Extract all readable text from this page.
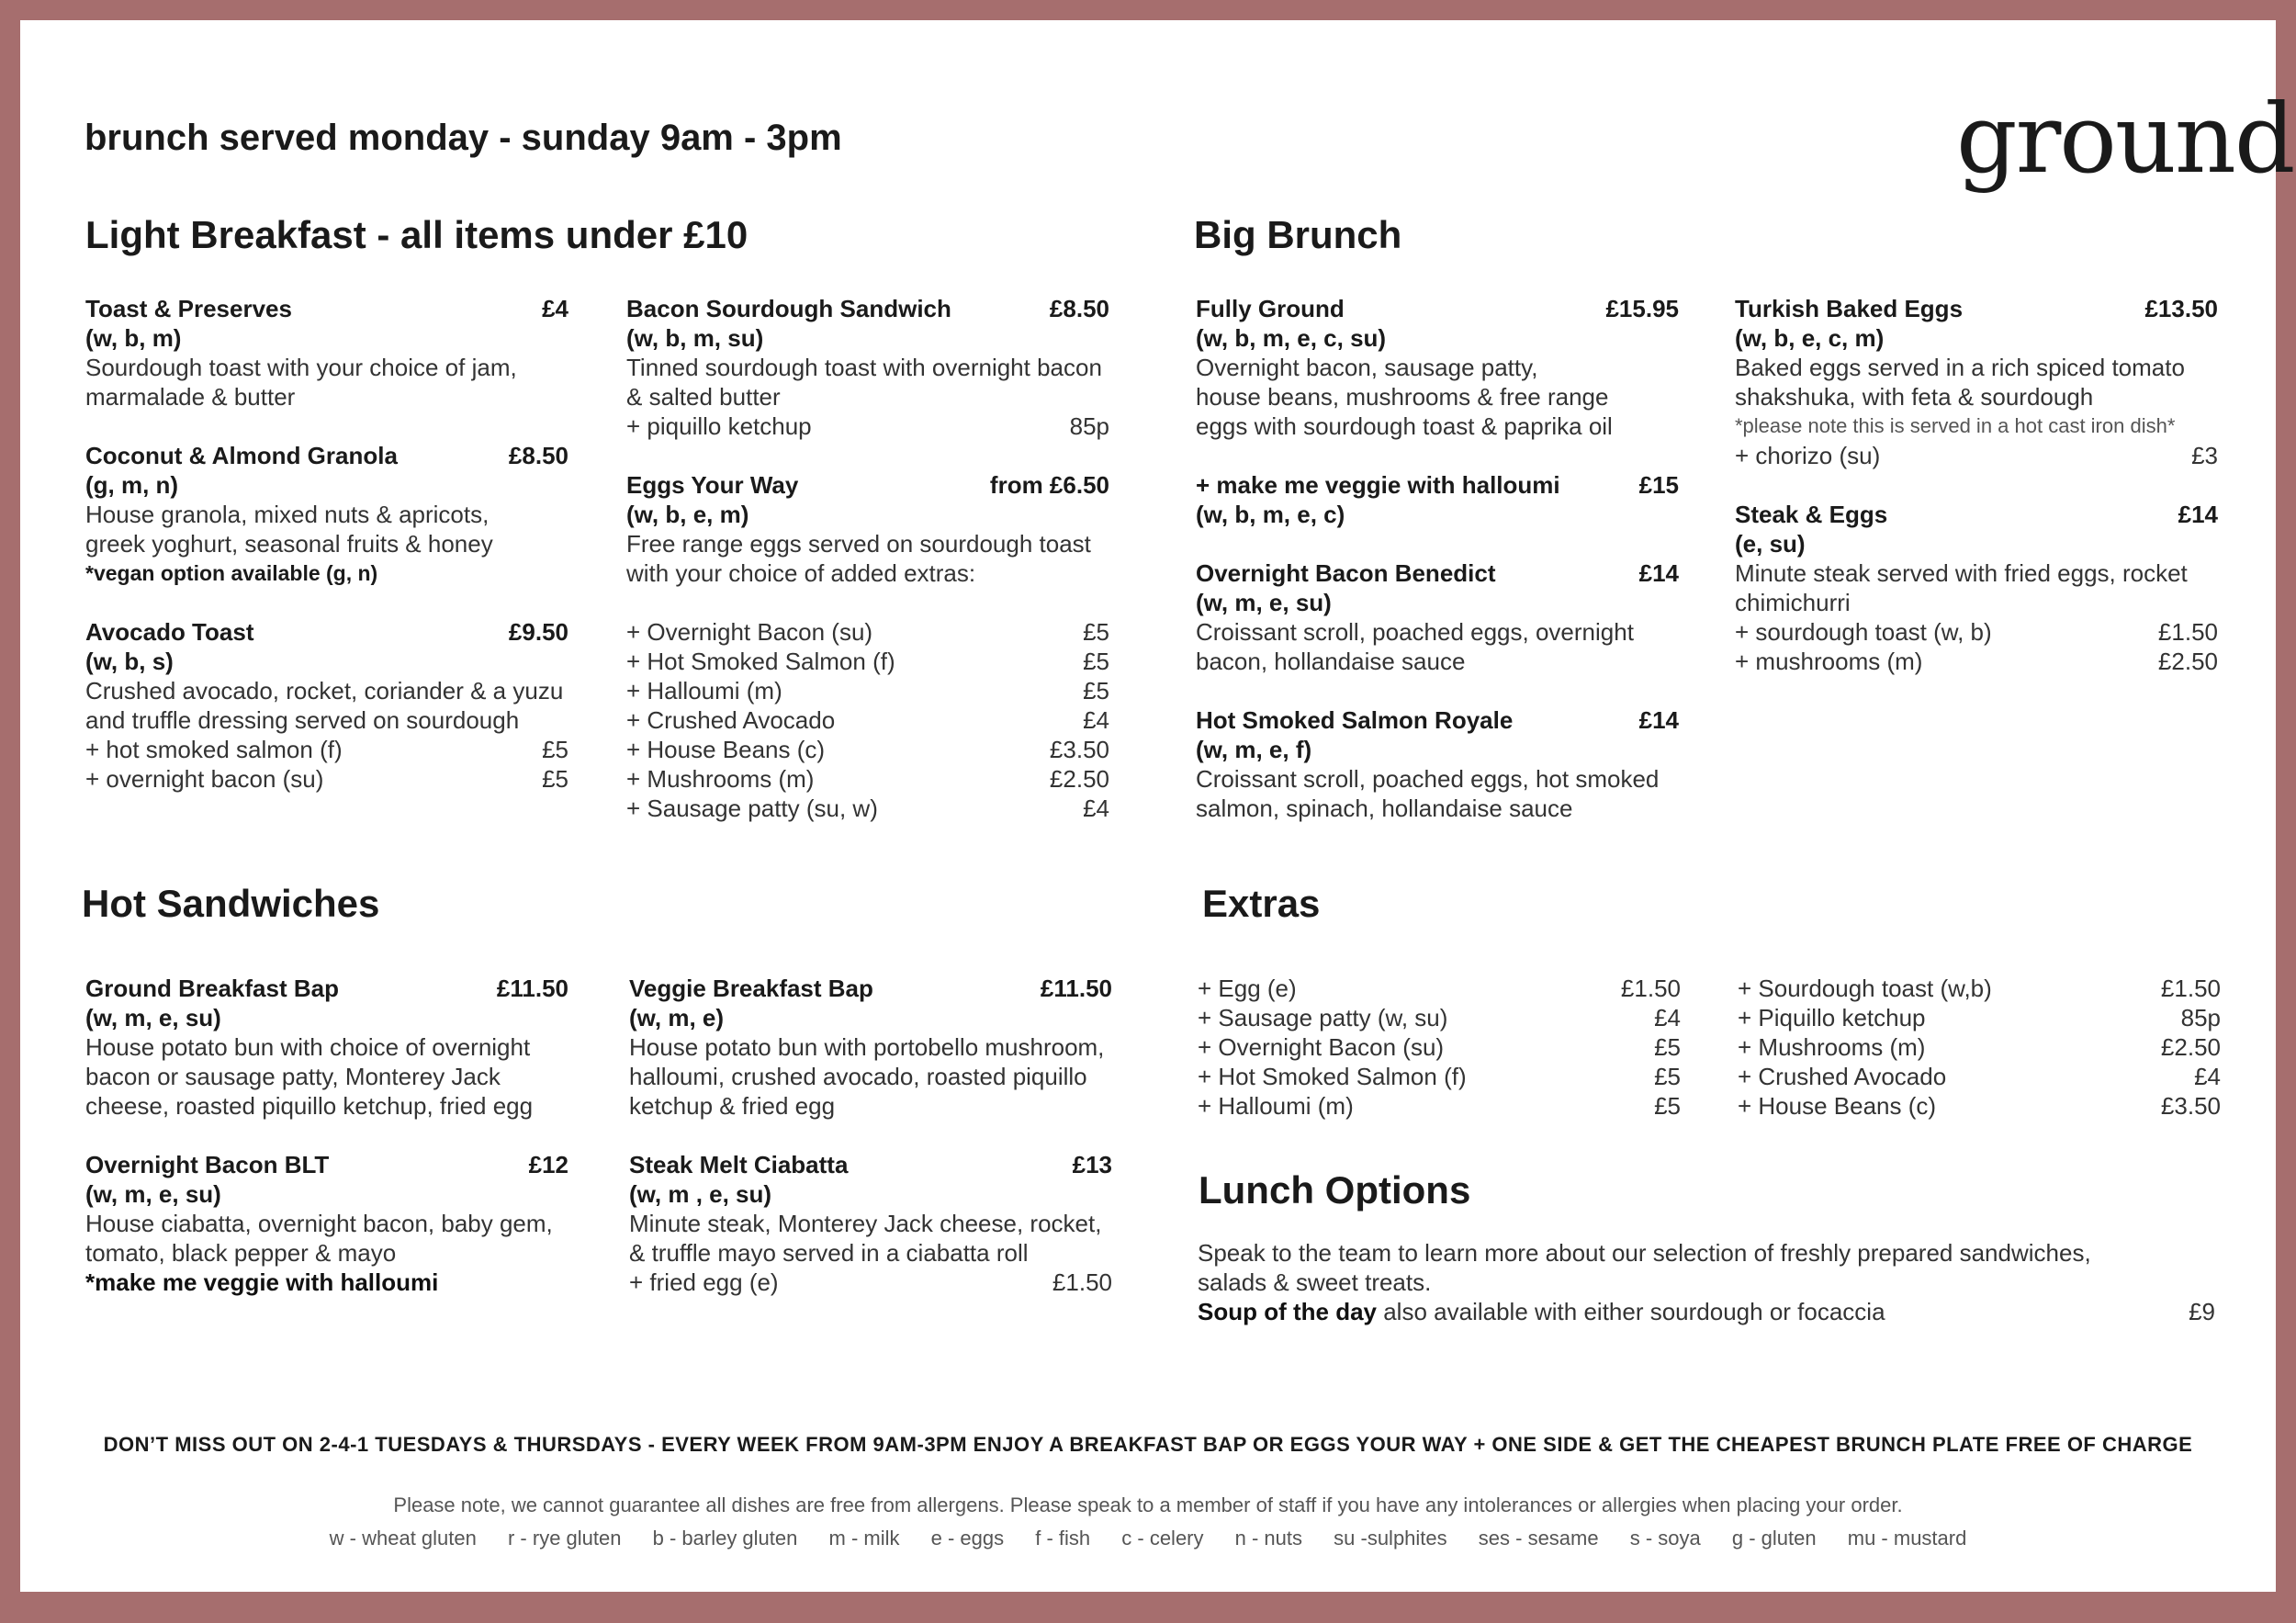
brunch served monday - sunday 9am - 3pm	ground
Light Breakfast - all items under £10	Big Brunch
Hot Sandwiches	Extras
Lunch Options
Toast & Preserves	£4
(w, b, m)
Sourdough toast with your choice of jam,
marmalade & butter
Coconut & Almond Granola	£8.50
(g, m, n)
House granola, mixed nuts & apricots,
greek yoghurt, seasonal fruits & honey
*vegan option available (g, n)
Avocado Toast	£9.50
(w, b, s)
Crushed avocado, rocket, coriander & a yuzu
and truffle dressing served on sourdough
+ hot smoked salmon (f)	£5
+ overnight bacon (su)	£5
Bacon Sourdough Sandwich	£8.50
(w, b, m, su)
Tinned sourdough toast with overnight bacon
& salted butter
+ piquillo ketchup	85p
Eggs Your Way	from £6.50
(w, b, e, m)
Free range eggs served on sourdough toast
with your choice of added extras:
+ Overnight Bacon (su)	£5
+ Hot Smoked Salmon (f)	£5
+ Halloumi (m)	£5
+ Crushed Avocado	£4
+ House Beans (c)	£3.50
+ Mushrooms (m)	£2.50
+ Sausage patty (su, w)	£4
Fully Ground	£15.95
(w, b, m, e, c, su)
Overnight bacon, sausage patty,
house beans, mushrooms & free range
eggs with sourdough toast & paprika oil
+ make me veggie with halloumi	£15
(w, b, m, e, c)
Overnight Bacon Benedict	£14
(w, m, e, su)
Croissant scroll, poached eggs, overnight
bacon, hollandaise sauce
Hot Smoked Salmon Royale	£14
(w, m, e, f)
Croissant scroll, poached eggs, hot smoked
salmon, spinach, hollandaise sauce
Turkish Baked Eggs	£13.50
(w, b, e, c, m)
Baked eggs served in a rich spiced tomato
shakshuka, with feta & sourdough
*please note this is served in a hot cast iron dish*
+ chorizo (su)	£3
Steak & Eggs	£14
(e, su)
Minute steak served with fried eggs, rocket
chimichurri
+ sourdough toast (w, b)	£1.50
+ mushrooms (m)	£2.50
Ground Breakfast Bap	£11.50
(w, m, e, su)
House potato bun with choice of overnight
bacon or sausage patty, Monterey Jack
cheese, roasted piquillo ketchup, fried egg
Overnight Bacon BLT	£12
(w, m, e, su)
House ciabatta, overnight bacon, baby gem,
tomato, black pepper & mayo
*make me veggie with halloumi
Veggie Breakfast Bap	£11.50
(w, m, e)
House potato bun with portobello mushroom,
halloumi, crushed avocado, roasted piquillo
ketchup & fried egg
Steak Melt Ciabatta	£13
(w, m , e, su)
Minute steak, Monterey Jack cheese, rocket,
& truffle mayo served in a ciabatta roll
+ fried egg (e)	£1.50
+ Egg (e)	£1.50
+ Sausage patty (w, su)	£4
+ Overnight Bacon (su)	£5
+ Hot Smoked Salmon (f)	£5
+ Halloumi (m)	£5
+ Sourdough toast (w,b)	£1.50
+ Piquillo ketchup	85p
+ Mushrooms (m)	£2.50
+ Crushed Avocado	£4
+ House Beans (c)	£3.50
Speak to the team to learn more about our selection of freshly prepared sandwiches,
salads & sweet treats.
Soup of the day also available with either sourdough or focaccia	£9
DON’T MISS OUT ON 2-4-1 TUESDAYS & THURSDAYS - EVERY WEEK FROM 9AM-3PM ENJOY A BREAKFAST BAP OR EGGS YOUR WAY + ONE SIDE & GET THE CHEAPEST BRUNCH PLATE FREE OF CHARGE
Please note, we cannot guarantee all dishes are free from allergens. Please speak to a member of staff if you have any intolerances or allergies when placing your order.
w - wheat gluten r - rye gluten b - barley gluten m - milk e - eggs f - fish c - celery n - nuts su -sulphites ses - sesame s - soya g - gluten mu - mustard
